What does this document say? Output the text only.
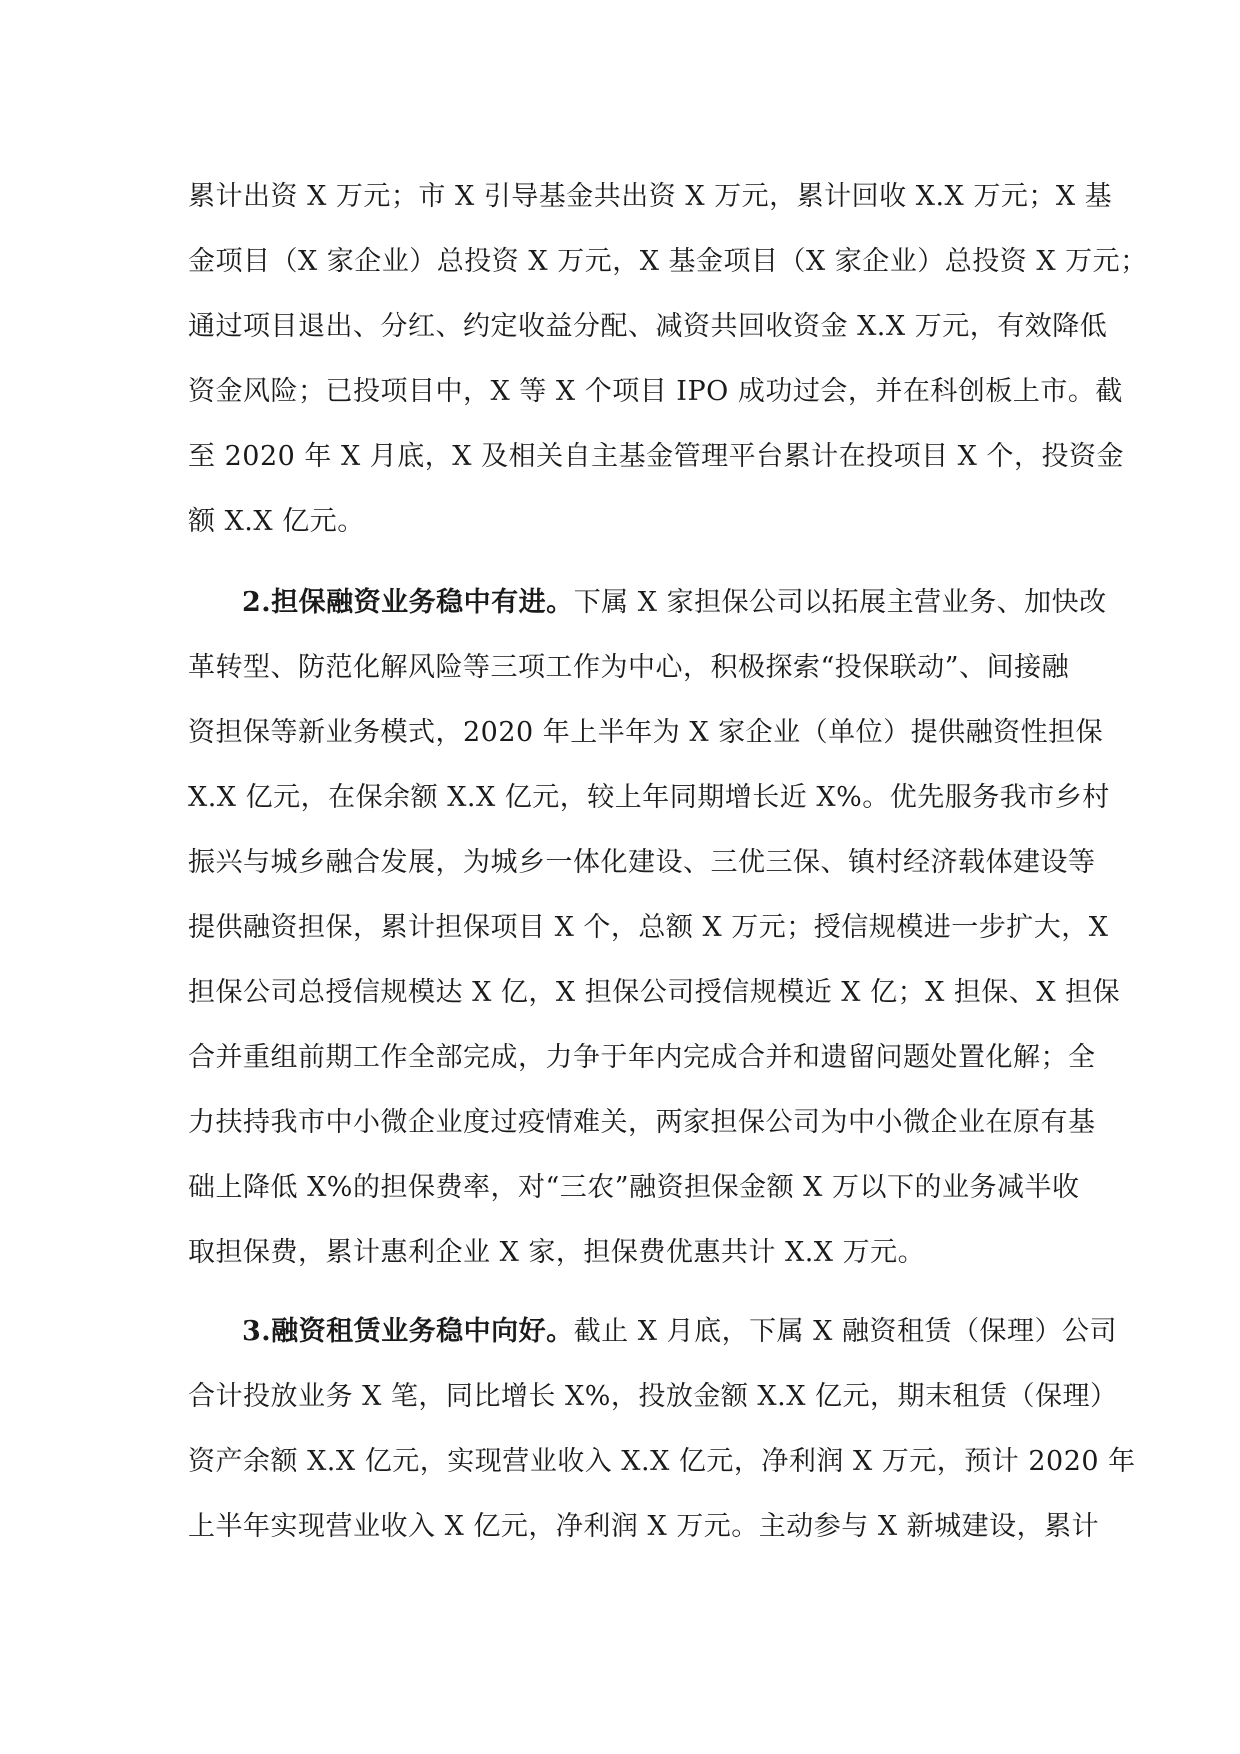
累计出资 X 万元；市 X 引导基金共出资 X 万元，累计回收 X.X 万元；X 基
金项目（X 家企业）总投资 X 万元，X 基金项目（X 家企业）总投资 X 万元；
通过项目退出、分红、约定收益分配、减资共回收资金 X.X 万元，有效降低
资金风险；已投项目中，X 等 X 个项目 IPO 成功过会，并在科创板上市。截
至 2020 年 X 月底，X 及相关自主基金管理平台累计在投项目 X 个，投资金
额 X.X 亿元。
2.担保融资业务稳中有进。下属 X 家担保公司以拓展主营业务、加快改
革转型、防范化解风险等三项工作为中心，积极探索“投保联动”、间接融
资担保等新业务模式，2020 年上半年为 X 家企业（单位）提供融资性担保
X.X 亿元，在保余额 X.X 亿元，较上年同期增长近 X%。优先服务我市乡村
振兴与城乡融合发展，为城乡一体化建设、三优三保、镇村经济载体建设等
提供融资担保，累计担保项目 X 个，总额 X 万元；授信规模进一步扩大，X
担保公司总授信规模达 X 亿，X 担保公司授信规模近 X 亿；X 担保、X 担保
合并重组前期工作全部完成，力争于年内完成合并和遗留问题处置化解；全
力扶持我市中小微企业度过疫情难关，两家担保公司为中小微企业在原有基
础上降低 X%的担保费率，对“三农”融资担保金额 X 万以下的业务减半收
取担保费，累计惠利企业 X 家，担保费优惠共计 X.X 万元。
3.融资租赁业务稳中向好。截止 X 月底，下属 X 融资租赁（保理）公司
合计投放业务 X 笔，同比增长 X%，投放金额 X.X 亿元，期末租赁（保理）
资产余额 X.X 亿元，实现营业收入 X.X 亿元，净利润 X 万元，预计 2020 年
上半年实现营业收入 X 亿元，净利润 X 万元。主动参与 X 新城建设，累计
